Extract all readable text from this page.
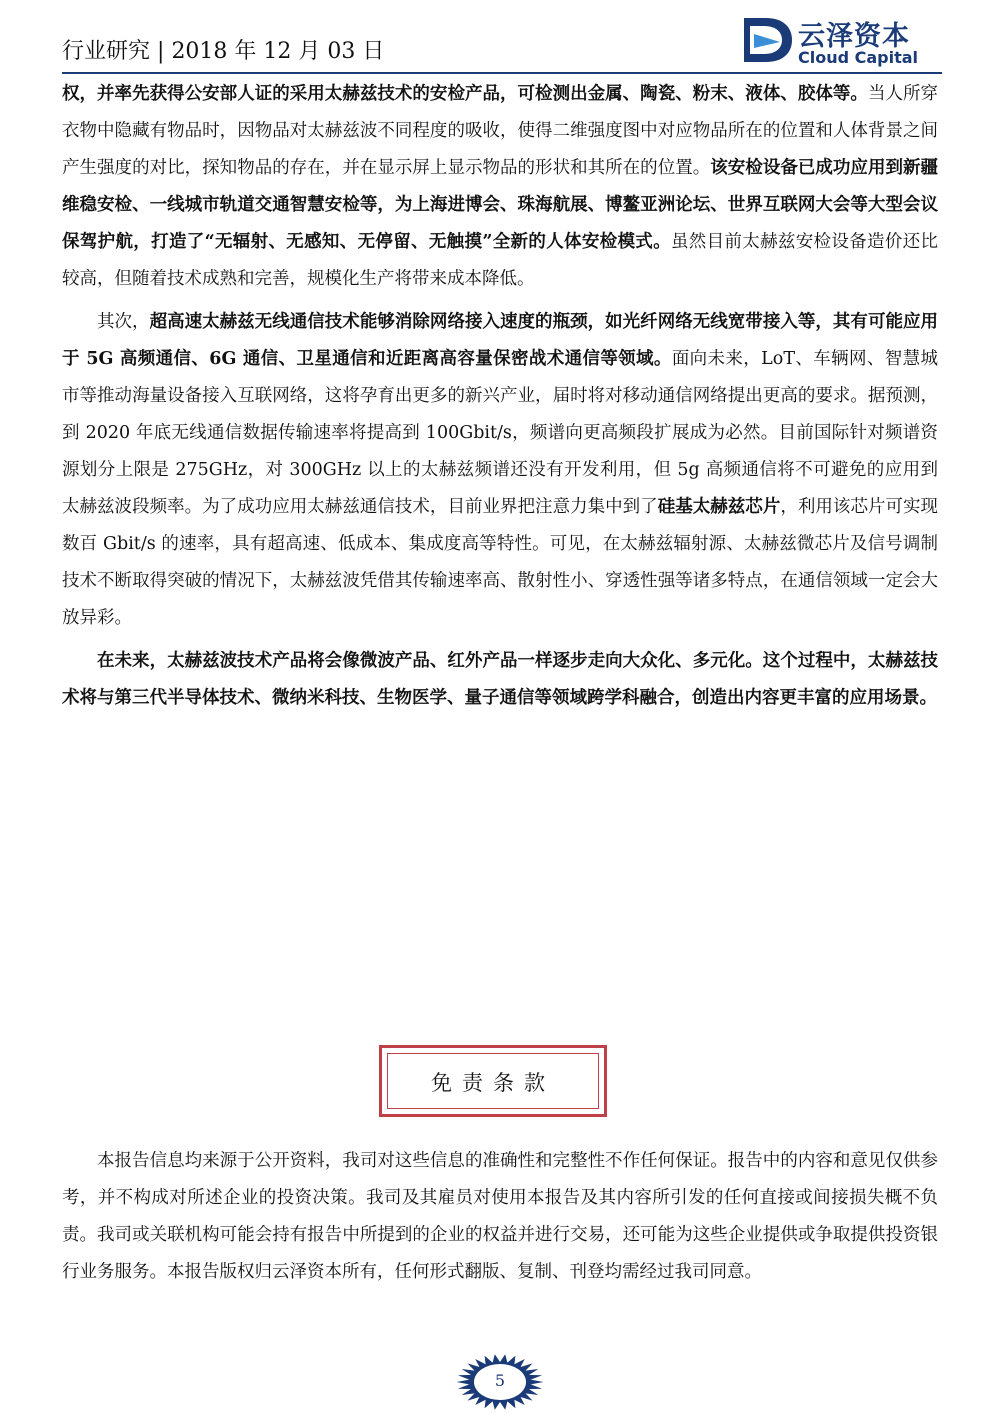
行业研究 | 2018 年 12 月 03 日	云泽资本
Cloud Capital

权，并率先获得公安部人证的采用太赫兹技术的安检产品，可检测出金属、陶瓷、粉末、液体、胶体等。当人所穿衣物中隐藏有物品时，因物品对太赫兹波不同程度的吸收，使得二维强度图中对应物品所在的位置和人体背景之间产生强度的对比，探知物品的存在，并在显示屏上显示物品的形状和其所在的位置。该安检设备已成功应用到新疆维稳安检、一线城市轨道交通智慧安检等，为上海进博会、珠海航展、博鳌亚洲论坛、世界互联网大会等大型会议保驾护航，打造了“无辐射、无感知、无停留、无触摸”全新的人体安检模式。虽然目前太赫兹安检设备造价还比较高，但随着技术成熟和完善，规模化生产将带来成本降低。

其次，超高速太赫兹无线通信技术能够消除网络接入速度的瓶颈，如光纤网络无线宽带接入等，其有可能应用于 5G 高频通信、6G 通信、卫星通信和近距离高容量保密战术通信等领域。面向未来，LoT、车辆网、智慧城市等推动海量设备接入互联网络，这将孕育出更多的新兴产业，届时将对移动通信网络提出更高的要求。据预测，到 2020 年底无线通信数据传输速率将提高到 100Gbit/s，频谱向更高频段扩展成为必然。目前国际针对频谱资源划分上限是 275GHz，对 300GHz 以上的太赫兹频谱还没有开发利用，但 5g 高频通信将不可避免的应用到太赫兹波段频率。为了成功应用太赫兹通信技术，目前业界把注意力集中到了硅基太赫兹芯片，利用该芯片可实现数百 Gbit/s 的速率，具有超高速、低成本、集成度高等特性。可见，在太赫兹辐射源、太赫兹微芯片及信号调制技术不断取得突破的情况下，太赫兹波凭借其传输速率高、散射性小、穿透性强等诸多特点，在通信领域一定会大放异彩。

在未来，太赫兹波技术产品将会像微波产品、红外产品一样逐步走向大众化、多元化。这个过程中，太赫兹技术将与第三代半导体技术、微纳米科技、生物医学、量子通信等领域跨学科融合，创造出内容更丰富的应用场景。

免责条款
本报告信息均来源于公开资料，我司对这些信息的准确性和完整性不作任何保证。报告中的内容和意见仅供参考，并不构成对所述企业的投资决策。我司及其雇员对使用本报告及其内容所引发的任何直接或间接损失概不负责。我司或关联机构可能会持有报告中所提到的企业的权益并进行交易，还可能为这些企业提供或争取提供投资银行业务服务。本报告版权归云泽资本所有，任何形式翻版、复制、刊登均需经过我司同意。
5
